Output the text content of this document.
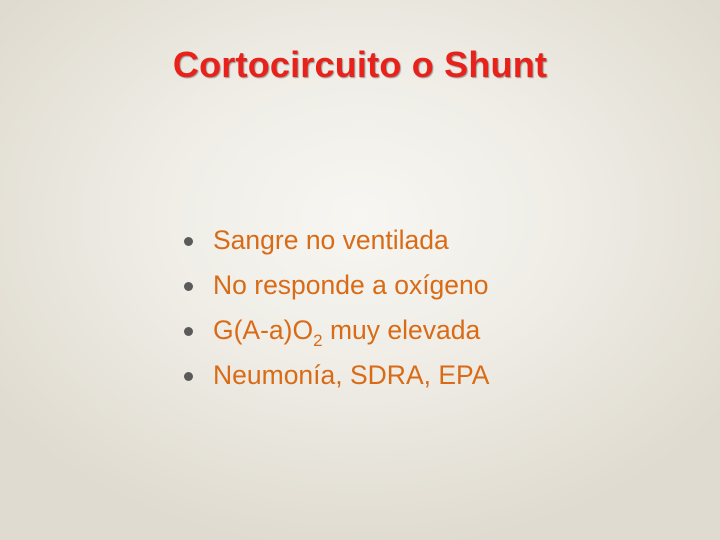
Cortocircuito o Shunt
Sangre no ventilada
No responde a oxígeno
$G(A-a)O_2$ muy elevada
Neumonía, SDRA, EPA
